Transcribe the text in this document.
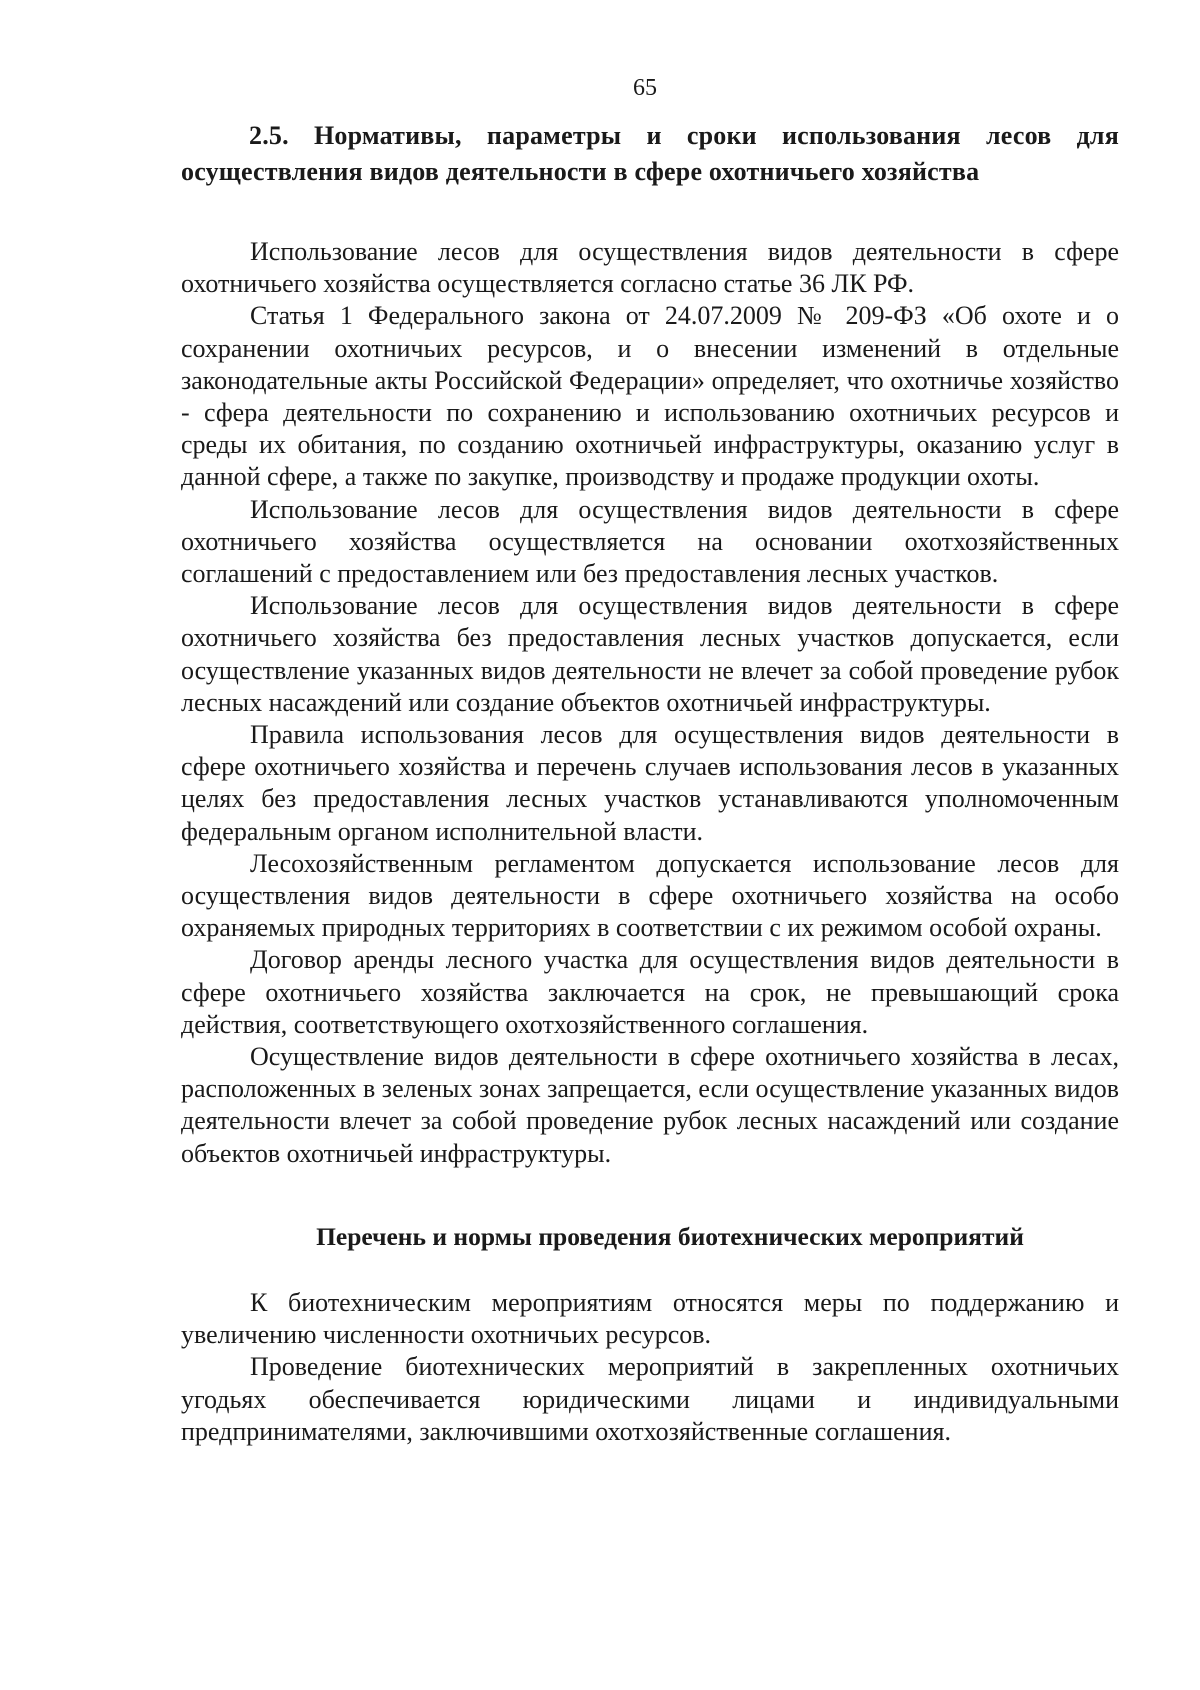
65
2.5. Нормативы, параметры и сроки использования лесов для осуществления видов деятельности в сфере охотничьего хозяйства

Использование лесов для осуществления видов деятельности в сфере охотничьего хозяйства осуществляется согласно статье 36 ЛК РФ.

Статья 1 Федерального закона от 24.07.2009 № 209-ФЗ «Об охоте и о сохранении охотничьих ресурсов, и о внесении изменений в отдельные законодательные акты Российской Федерации» определяет, что охотничье хозяйство - сфера деятельности по сохранению и использованию охотничьих ресурсов и среды их обитания, по созданию охотничьей инфраструктуры, оказанию услуг в данной сфере, а также по закупке, производству и продаже продукции охоты.

Использование лесов для осуществления видов деятельности в сфере охотничьего хозяйства осуществляется на основании охотхозяйственных соглашений с предоставлением или без предоставления лесных участков.

Использование лесов для осуществления видов деятельности в сфере охотничьего хозяйства без предоставления лесных участков допускается, если осуществление указанных видов деятельности не влечет за собой проведение рубок лесных насаждений или создание объектов охотничьей инфраструктуры.

Правила использования лесов для осуществления видов деятельности в сфере охотничьего хозяйства и перечень случаев использования лесов в указанных целях без предоставления лесных участков устанавливаются уполномоченным федеральным органом исполнительной власти.

Лесохозяйственным регламентом допускается использование лесов для осуществления видов деятельности в сфере охотничьего хозяйства на особо охраняемых природных территориях в соответствии с их режимом особой охраны.

Договор аренды лесного участка для осуществления видов деятельности в сфере охотничьего хозяйства заключается на срок, не превышающий срока действия, соответствующего охотхозяйственного соглашения.

Осуществление видов деятельности в сфере охотничьего хозяйства в лесах, расположенных в зеленых зонах запрещается, если осуществление указанных видов деятельности влечет за собой проведение рубок лесных насаждений или создание объектов охотничьей инфраструктуры.

Перечень и нормы проведения биотехнических мероприятий

К биотехническим мероприятиям относятся меры по поддержанию и увеличению численности охотничьих ресурсов.

Проведение биотехнических мероприятий в закрепленных охотничьих угодьях обеспечивается юридическими лицами и индивидуальными предпринимателями, заключившими охотхозяйственные соглашения.
